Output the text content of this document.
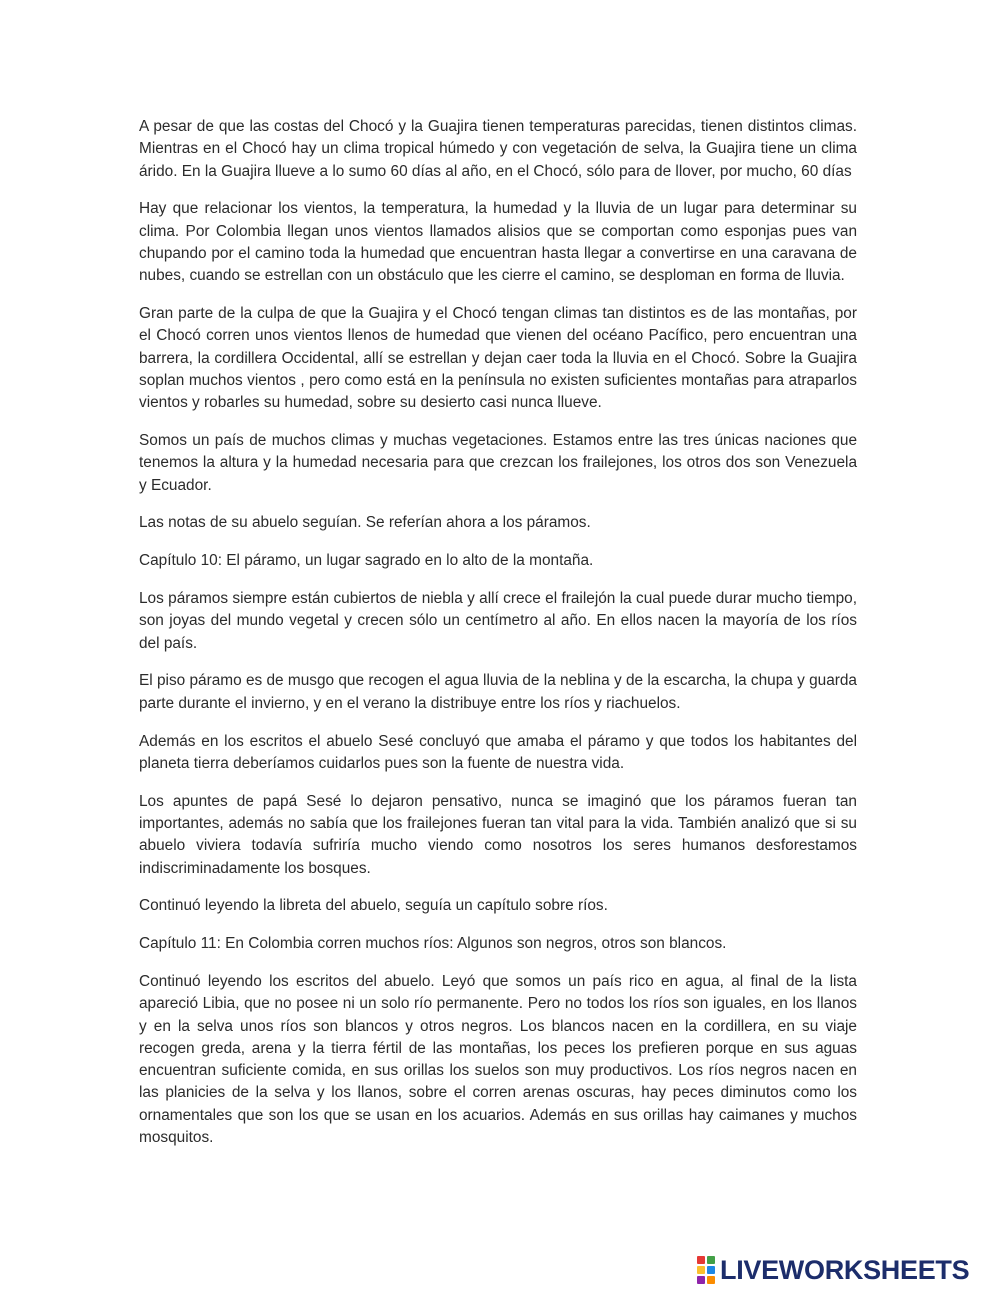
A pesar de que las costas del Chocó y la Guajira tienen temperaturas parecidas, tienen distintos climas. Mientras en el Chocó hay un clima tropical húmedo y con vegetación de selva, la Guajira tiene un clima árido. En la Guajira llueve a lo sumo 60 días al año, en el Chocó, sólo para de llover, por mucho, 60 días

Hay que relacionar los vientos, la temperatura, la humedad y la lluvia de un lugar para determinar su clima. Por Colombia llegan unos vientos llamados alisios que se comportan como esponjas pues van chupando por el camino toda la humedad que encuentran hasta llegar a convertirse en una caravana de nubes, cuando se estrellan con un obstáculo que les cierre el camino, se desploman en forma de lluvia.

Gran parte de la culpa de que la Guajira y el Chocó tengan climas tan distintos es de las montañas, por el Chocó corren unos vientos llenos de humedad que vienen del océano Pacífico, pero encuentran una barrera, la cordillera Occidental, allí se estrellan y dejan caer toda la lluvia en el Chocó. Sobre la Guajira soplan muchos vientos , pero como está en la península no existen suficientes montañas para atraparlos vientos y robarles su humedad, sobre su desierto casi nunca llueve.

Somos un país de muchos climas y muchas vegetaciones. Estamos entre las tres únicas naciones que tenemos la altura y la humedad necesaria para que crezcan los frailejones, los otros dos son Venezuela y Ecuador.

Las notas de su abuelo seguían. Se referían ahora a los páramos.

Capítulo 10: El páramo, un lugar sagrado en lo alto de la montaña.

Los páramos siempre están cubiertos de niebla y allí crece el frailejón la cual puede durar mucho tiempo, son joyas del mundo vegetal y crecen sólo un centímetro al año. En ellos nacen la mayoría de los ríos del país.

El piso páramo es de musgo que recogen el agua lluvia de la neblina y de la escarcha, la chupa y guarda parte durante el invierno, y en el verano la distribuye entre los ríos y riachuelos.

Además en los escritos el abuelo Sesé concluyó que amaba el páramo y que todos los habitantes del planeta tierra deberíamos cuidarlos pues son la fuente de nuestra vida.

Los apuntes de papá Sesé lo dejaron pensativo, nunca se imaginó que los páramos fueran tan importantes, además no sabía que los frailejones fueran tan vital para la vida. También analizó que si su abuelo viviera todavía sufriría mucho viendo como nosotros los seres humanos desforestamos indiscriminadamente los bosques.

Continuó leyendo la libreta del abuelo, seguía un capítulo sobre ríos.

Capítulo 11: En Colombia corren muchos ríos: Algunos son negros, otros son blancos.

Continuó leyendo los escritos del abuelo. Leyó que somos un país rico en agua, al final de la lista apareció Libia, que no posee ni un solo río permanente. Pero no todos los ríos son iguales, en los llanos y en la selva unos ríos son blancos y otros negros. Los blancos nacen en la cordillera, en su viaje recogen greda, arena y la tierra fértil de las montañas, los peces los prefieren porque en sus aguas encuentran suficiente comida, en sus orillas los suelos son muy productivos. Los ríos negros nacen en las planicies de la selva y los llanos, sobre el corren arenas oscuras, hay peces diminutos como los ornamentales que son los que se usan en los acuarios. Además en sus orillas hay caimanes y muchos mosquitos.

LIVEWORKSHEETS
